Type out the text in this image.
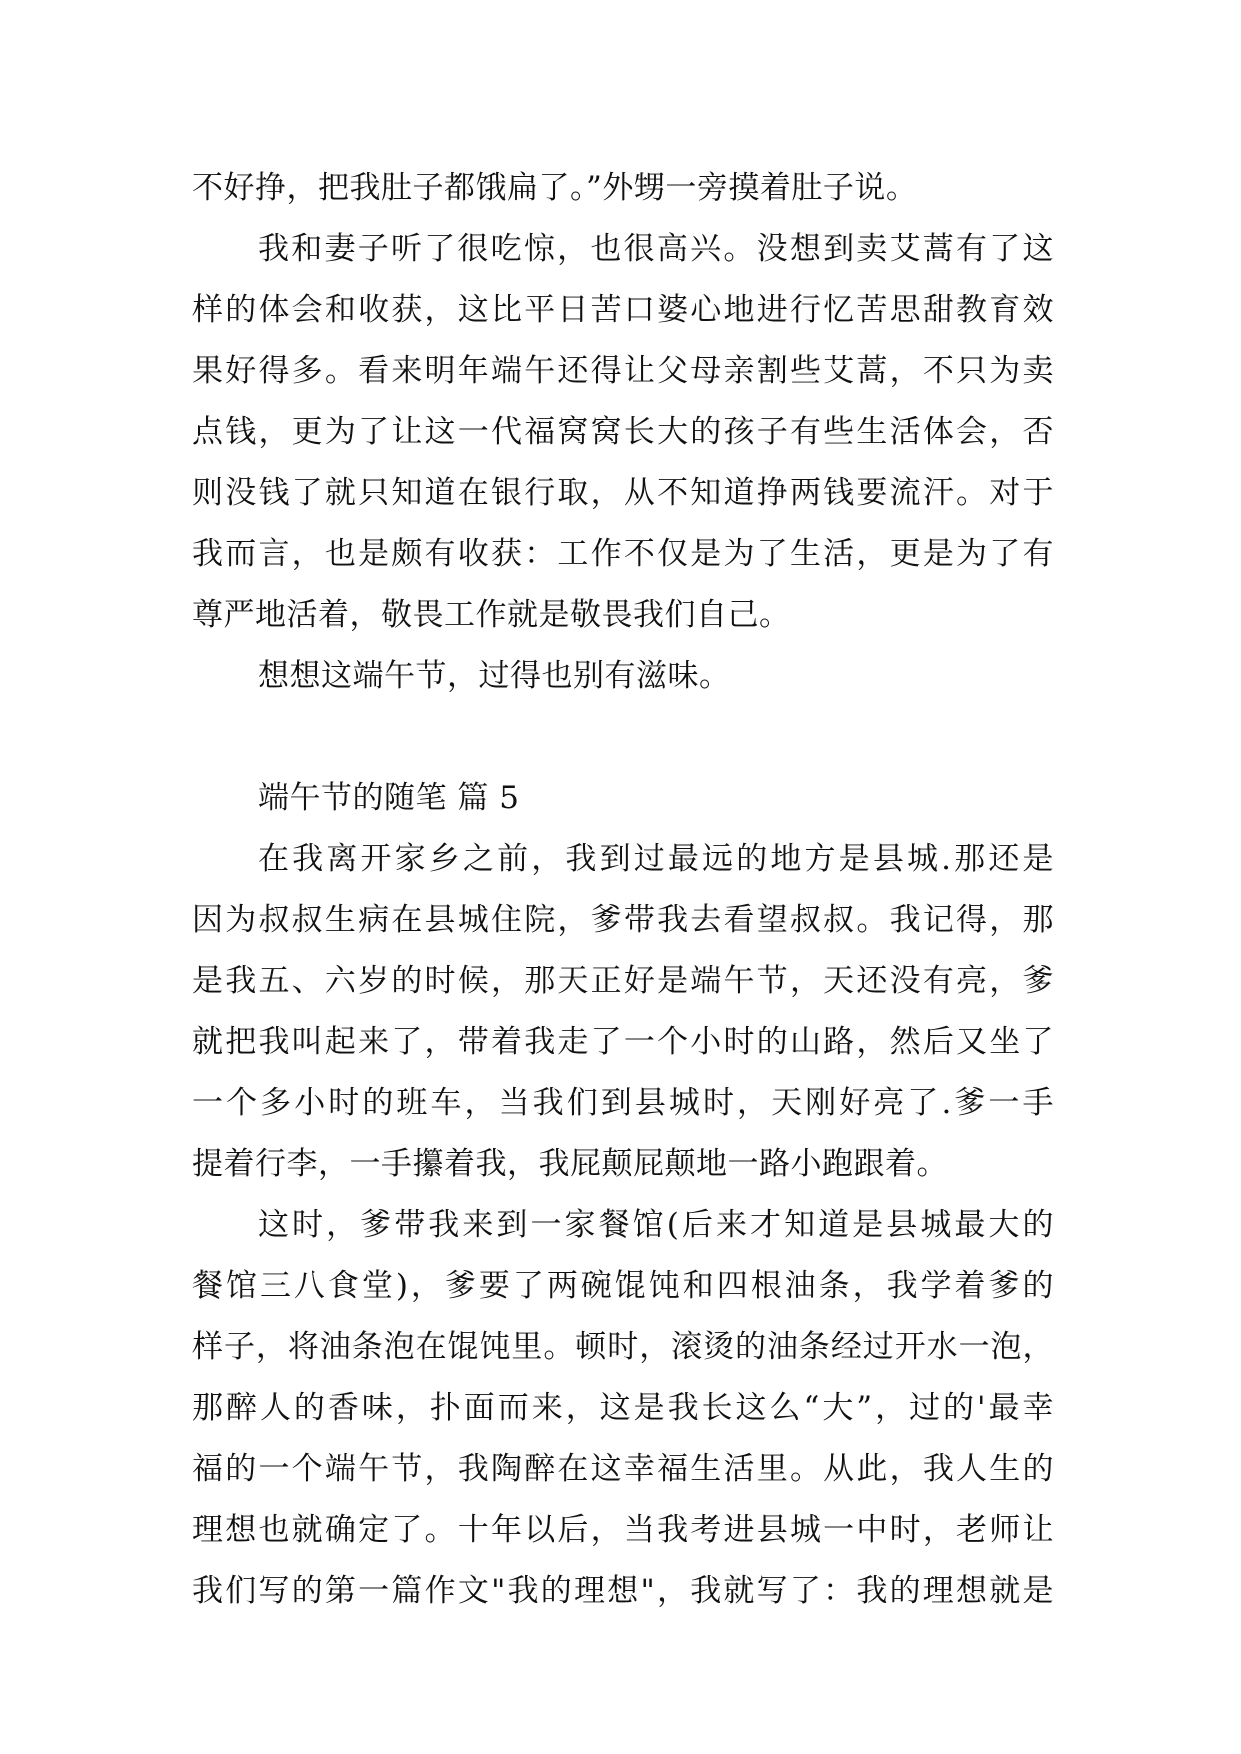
不好挣，把我肚子都饿扁了。”外甥一旁摸着肚子说。
我和妻子听了很吃惊，也很高兴。没想到卖艾蒿有了这
样的体会和收获，这比平日苦口婆心地进行忆苦思甜教育效
果好得多。看来明年端午还得让父母亲割些艾蒿，不只为卖
点钱，更为了让这一代福窝窝长大的孩子有些生活体会，否
则没钱了就只知道在银行取，从不知道挣两钱要流汗。对于
我而言，也是颇有收获：工作不仅是为了生活，更是为了有
尊严地活着，敬畏工作就是敬畏我们自己。
想想这端午节，过得也别有滋味。
端午节的随笔 篇 5
在我离开家乡之前，我到过最远的地方是县城.那还是
因为叔叔生病在县城住院，爹带我去看望叔叔。我记得，那
是我五、六岁的时候，那天正好是端午节，天还没有亮，爹
就把我叫起来了，带着我走了一个小时的山路，然后又坐了
一个多小时的班车，当我们到县城时，天刚好亮了.爹一手
提着行李，一手攥着我，我屁颠屁颠地一路小跑跟着。
这时，爹带我来到一家餐馆(后来才知道是县城最大的
餐馆三八食堂)，爹要了两碗馄饨和四根油条，我学着爹的
样子，将油条泡在馄饨里。顿时，滚烫的油条经过开水一泡，
那醉人的香味，扑面而来，这是我长这么“大”，过的'最幸
福的一个端午节，我陶醉在这幸福生活里。从此，我人生的
理想也就确定了。十年以后，当我考进县城一中时，老师让
我们写的第一篇作文"我的理想"，我就写了：我的理想就是
